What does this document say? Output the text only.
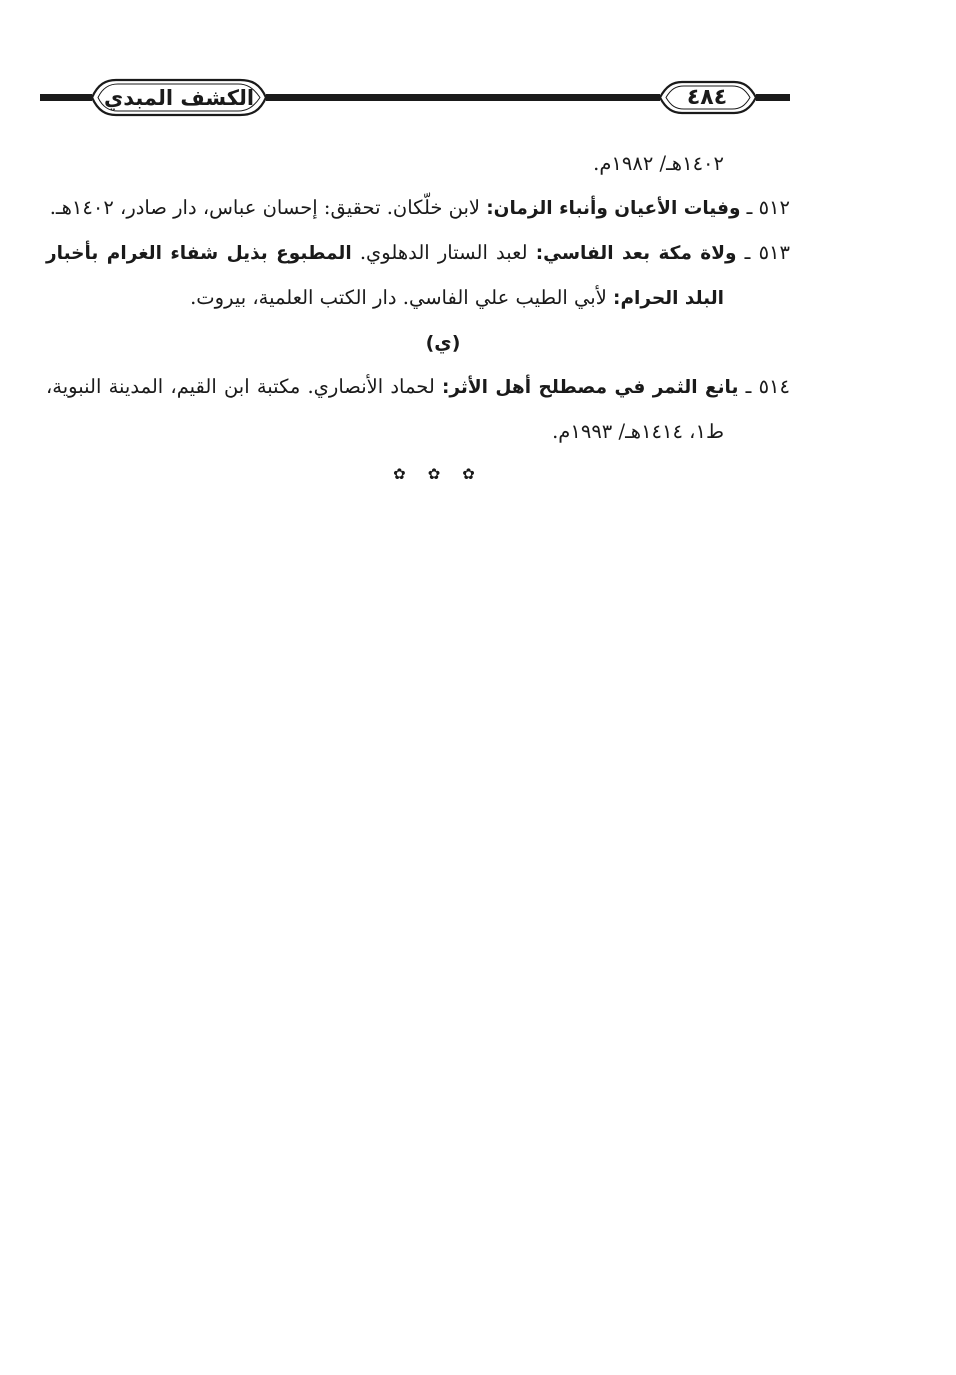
الكشف المبدي	٤٨٤

١٤٠٢هـ/ ١٩٨٢م.

٥١٢ ـ وفيات الأعيان وأنباء الزمان: لابن خلّكان. تحقيق: إحسان عباس، دار صادر، ١٤٠٢هـ.

٥١٣ ـ ولاة مكة بعد الفاسي: لعبد الستار الدهلوي. المطبوع بذيل شفاء الغرام بأخبار البلد الحرام: لأبي الطيب علي الفاسي. دار الكتب العلمية، بيروت.

(ي)

٥١٤ ـ يانع الثمر في مصطلح أهل الأثر: لحماد الأنصاري. مكتبة ابن القيم، المدينة النبوية، ط١، ١٤١٤هـ/ ١٩٩٣م.

✿✿✿
